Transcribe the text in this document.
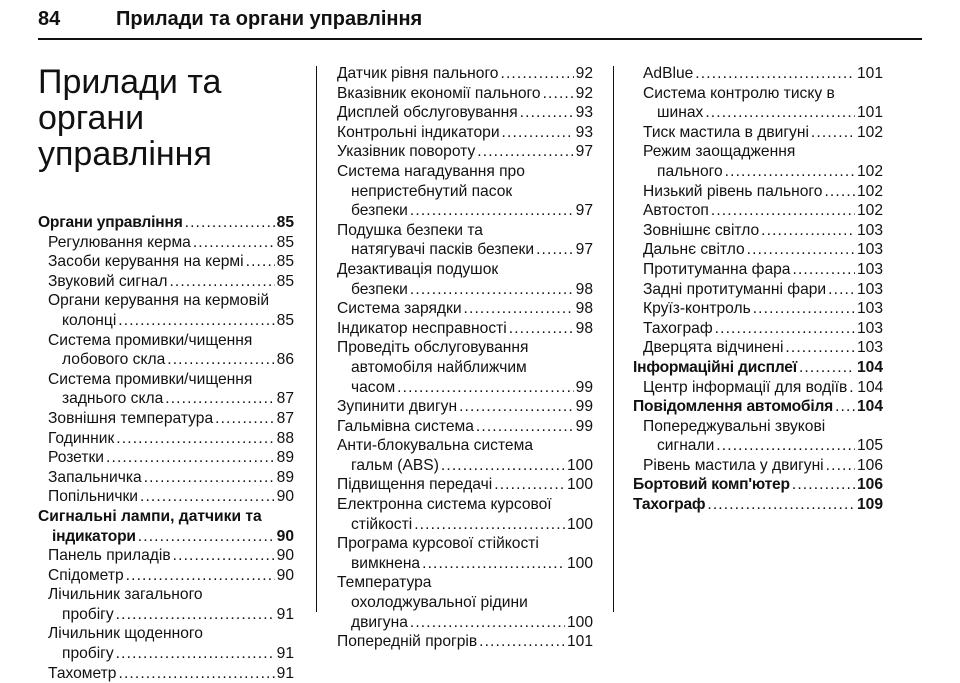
84	Прилади та органи управління
Прилади та органи управління
Органи управління . . .	85
Регулювання керма . . .	85
Засоби керування на кермі . . . 85
Звуковий сигнал . . .	85
Органи керування на кермовій
колонці . . .	85
Система промивки/чищення
лобового скла . . .	86
Система промивки/чищення
заднього скла . . .	87
Зовнішня температура . . .	87
Годинник . . .	88
Розетки . . .	89
Запальничка . . .	89
Попільнички . . .	90
Сигнальні лампи, датчики та
індикатори . . .	90
Панель приладів . . .	90
Спідометр . . .	90
Лічильник загального
пробігу . . .	91
Лічильник щоденного
пробігу . . .	91
Тахометр . . .	91
Датчик рівня пального . . .	92
Вказівник економії пального . . . 92
Дисплей обслуговування . . .	93
Контрольні індикатори . . .	93
Указівник повороту . . .	97
Система нагадування про
непристебнутий пасок
безпеки . . .	97
Подушка безпеки та
натягувачі пасків безпеки . . .	97
Дезактивація подушок
безпеки . . .	98
Система зарядки . . .	98
Індикатор несправності . . .	98
Проведіть обслуговування
автомобіля найближчим
часом . . .	99
Зупинити двигун . . .	99
Гальмівна система . . .	99
Анти-блокувальна система
гальм (ABS) . . .	100
Підвищення передачі . . .	100
Електронна система курсової
стійкості . . .	100
Програма курсової стійкості
вимкнена . . .	100
Температура
охолоджувальної рідини
двигуна . . .	100
Попередній прогрів . . .	101
AdBlue . . .	101
Система контролю тиску в
шинах . . .	101
Тиск мастила в двигуні . . .	102
Режим заощадження
пального . . .	102
Низький рівень пального . . . 102
Автостоп . . .	102
Зовнішнє світло . . .	103
Дальнє світло . . .	103
Протитуманна фара . . .	103
Задні протитуманні фари . . . 103
Круїз-контроль . . .	103
Тахограф . . .	103
Дверцята відчинені . . .	103
Інформаційні дисплеї . . .	104
Центр інформації для водіїв . . . 104
Повідомлення автомобіля . . . 104
Попереджувальні звукові
сигнали . . .	105
Рівень мастила у двигуні . . . 106
Бортовий комп'ютер . . .	106
Тахограф . . .	109
